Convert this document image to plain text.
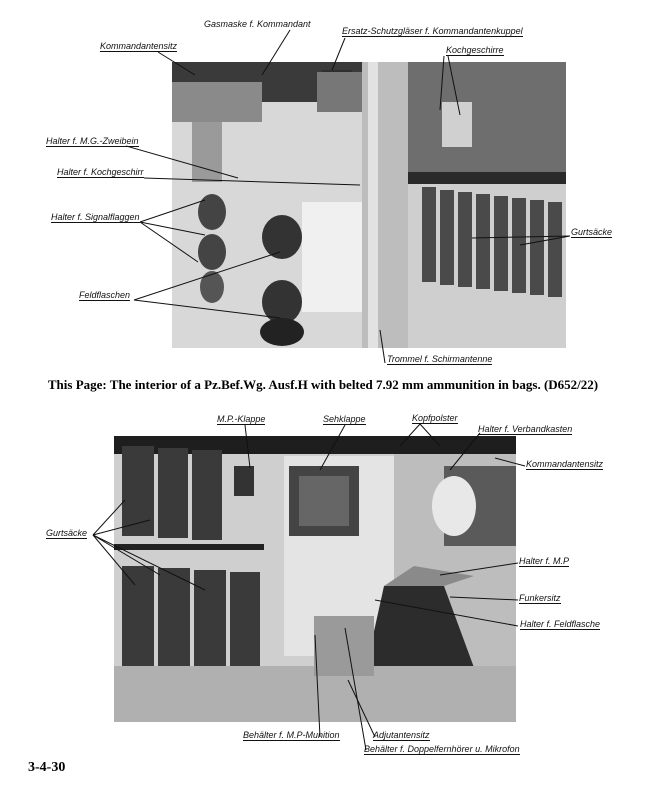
Gasmaske f. Kommandant
Kommandantensitz
Ersatz-Schutzgläser f. Kommandantenkuppel
Kochgeschirre
Halter f. M.G.-Zweibein
Halter f. Kochgeschirr
Halter f. Signalflaggen
Gurtsäcke
Feldflaschen
Trommel f. Schirmantenne
This Page: The interior of a Pz.Bef.Wg. Ausf.H with belted 7.92 mm ammunition in bags. (D652/22)
M.P.-Klappe	Sehklappe	Kopfpolster
Halter f. Verbandkasten
Kommandantensitz
Gurtsäcke
Halter f. M.P
Funkersitz
Halter f. Feldflasche
Behälter f. M.P-Munition	Adjutantensitz
Behälter f. Doppelfernhörer u. Mikrofon
3-4-30
